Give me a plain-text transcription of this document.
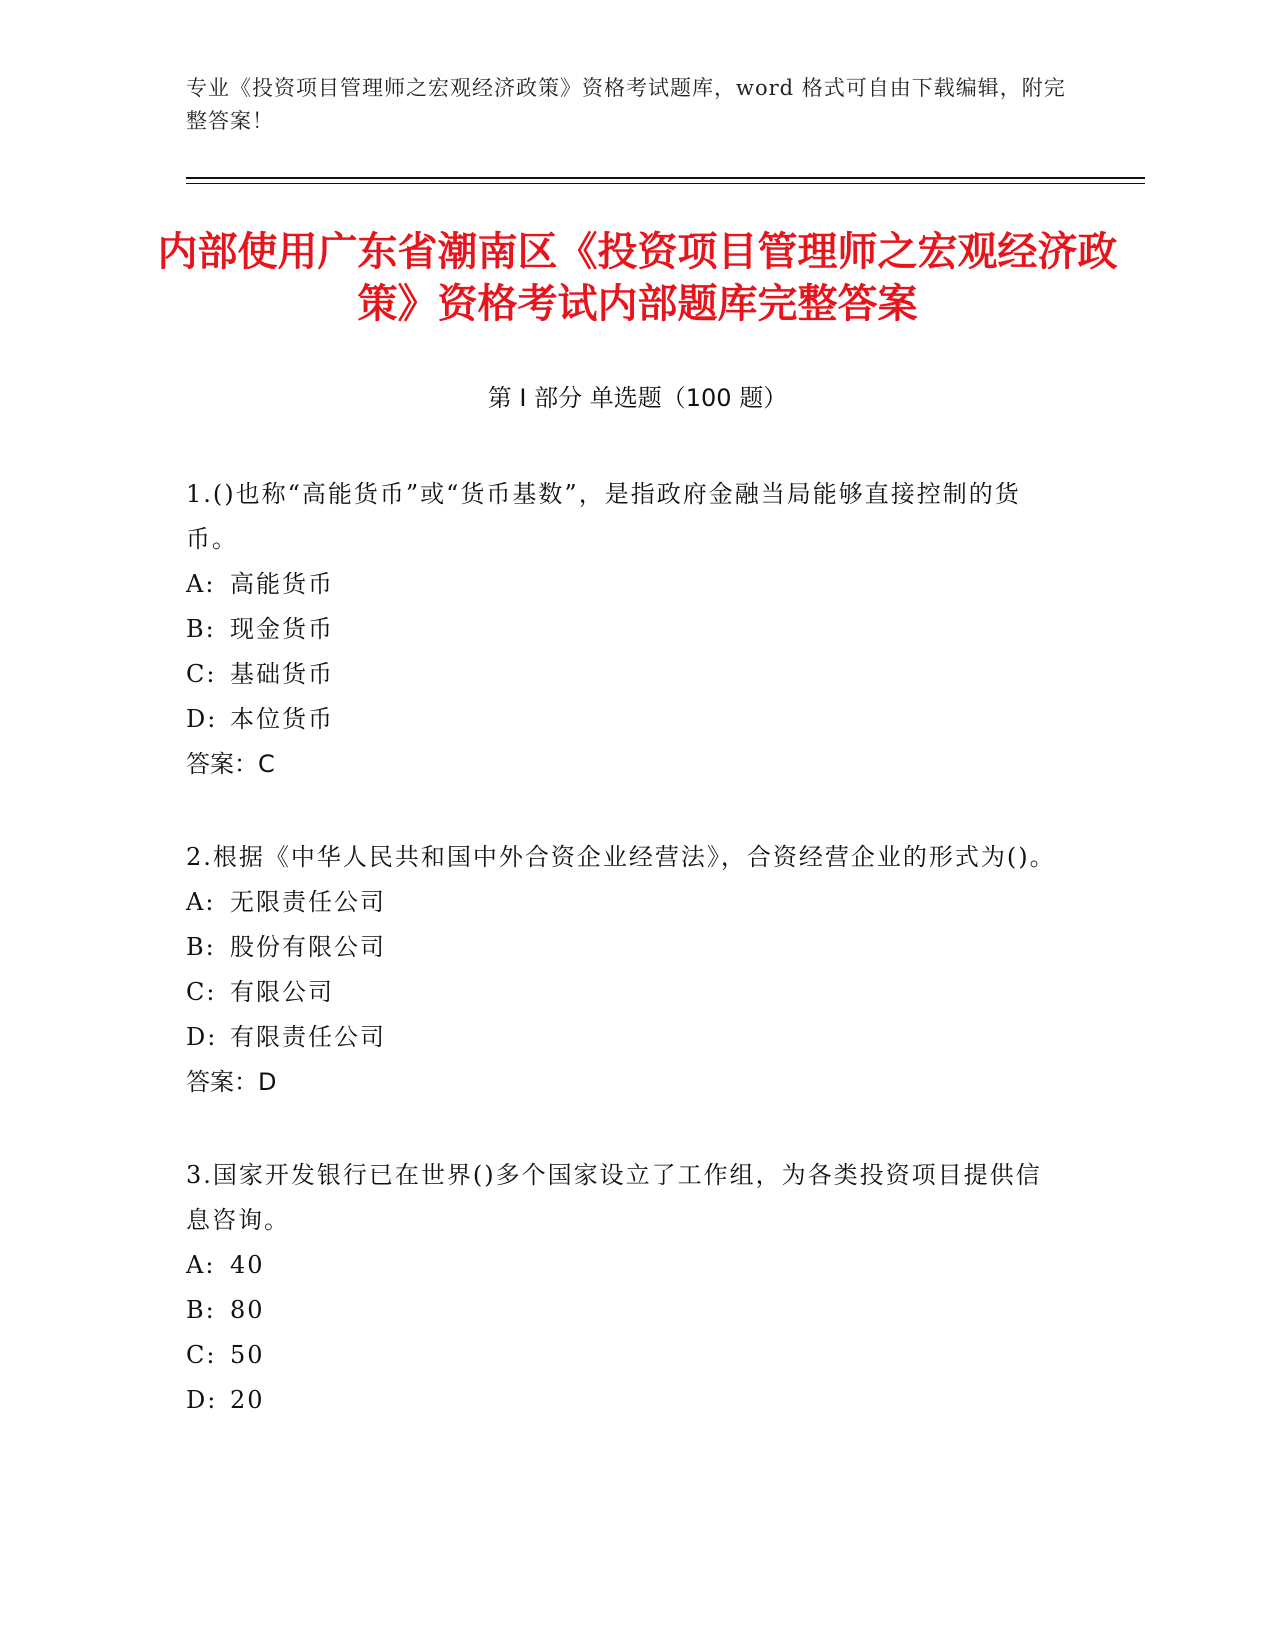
专业《投资项目管理师之宏观经济政策》资格考试题库，word 格式可自由下载编辑，附完整答案！
内部使用广东省潮南区《投资项目管理师之宏观经济政策》资格考试内部题库完整答案
第 I 部分 单选题（100 题）
1.()也称“高能货币”或“货币基数”，是指政府金融当局能够直接控制的货币。
A: 高能货币
B: 现金货币
C: 基础货币
D: 本位货币
答案：C
2.根据《中华人民共和国中外合资企业经营法》，合资经营企业的形式为()。
A: 无限责任公司
B: 股份有限公司
C: 有限公司
D: 有限责任公司
答案：D
3.国家开发银行已在世界()多个国家设立了工作组，为各类投资项目提供信息咨询。
A: 40
B: 80
C: 50
D: 20
